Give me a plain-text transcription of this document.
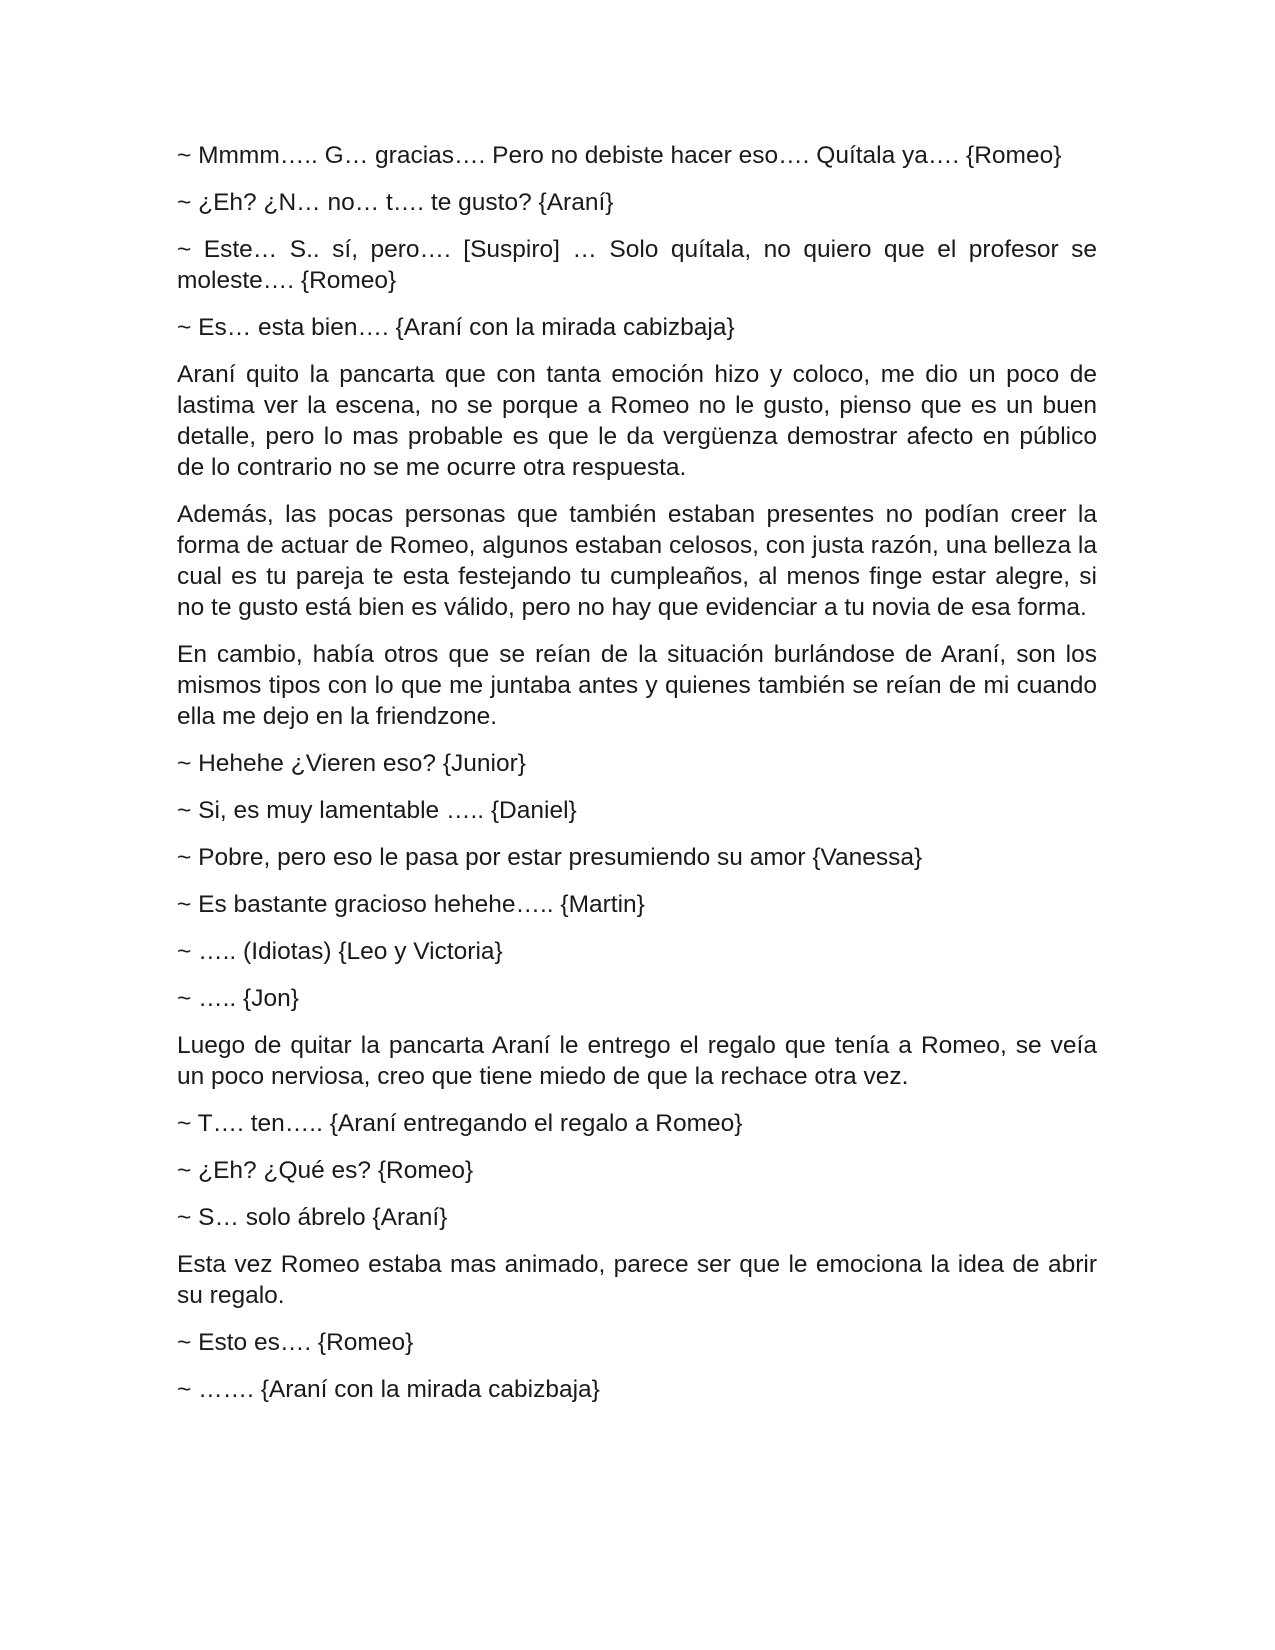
~ Mmmm….. G… gracias…. Pero no debiste hacer eso…. Quítala ya…. {Romeo}

~ ¿Eh? ¿N… no… t…. te gusto? {Araní}

~ Este… S.. sí, pero…. [Suspiro] … Solo quítala, no quiero que el profesor se moleste…. {Romeo}

~ Es… esta bien…. {Araní con la mirada cabizbaja}

Araní quito la pancarta que con tanta emoción hizo y coloco, me dio un poco de lastima ver la escena, no se porque a Romeo no le gusto, pienso que es un buen detalle, pero lo mas probable es que le da vergüenza demostrar afecto en público de lo contrario no se me ocurre otra respuesta.

Además, las pocas personas que también estaban presentes no podían creer la forma de actuar de Romeo, algunos estaban celosos, con justa razón, una belleza la cual es tu pareja te esta festejando tu cumpleaños, al menos finge estar alegre, si no te gusto está bien es válido, pero no hay que evidenciar a tu novia de esa forma.

En cambio, había otros que se reían de la situación burlándose de Araní, son los mismos tipos con lo que me juntaba antes y quienes también se reían de mi cuando ella me dejo en la friendzone.

~ Hehehe ¿Vieren eso? {Junior}

~ Si, es muy lamentable ….. {Daniel}

~ Pobre, pero eso le pasa por estar presumiendo su amor {Vanessa}

~ Es bastante gracioso hehehe….. {Martin}

~ ….. (Idiotas) {Leo y Victoria}

~ ….. {Jon}

Luego de quitar la pancarta Araní le entrego el regalo que tenía a Romeo, se veía un poco nerviosa, creo que tiene miedo de que la rechace otra vez.

~ T…. ten….. {Araní entregando el regalo a Romeo}

~ ¿Eh? ¿Qué es? {Romeo}

~ S… solo ábrelo {Araní}

Esta vez Romeo estaba mas animado, parece ser que le emociona la idea de abrir su regalo.

~ Esto es…. {Romeo}

~ ……. {Araní con la mirada cabizbaja}
